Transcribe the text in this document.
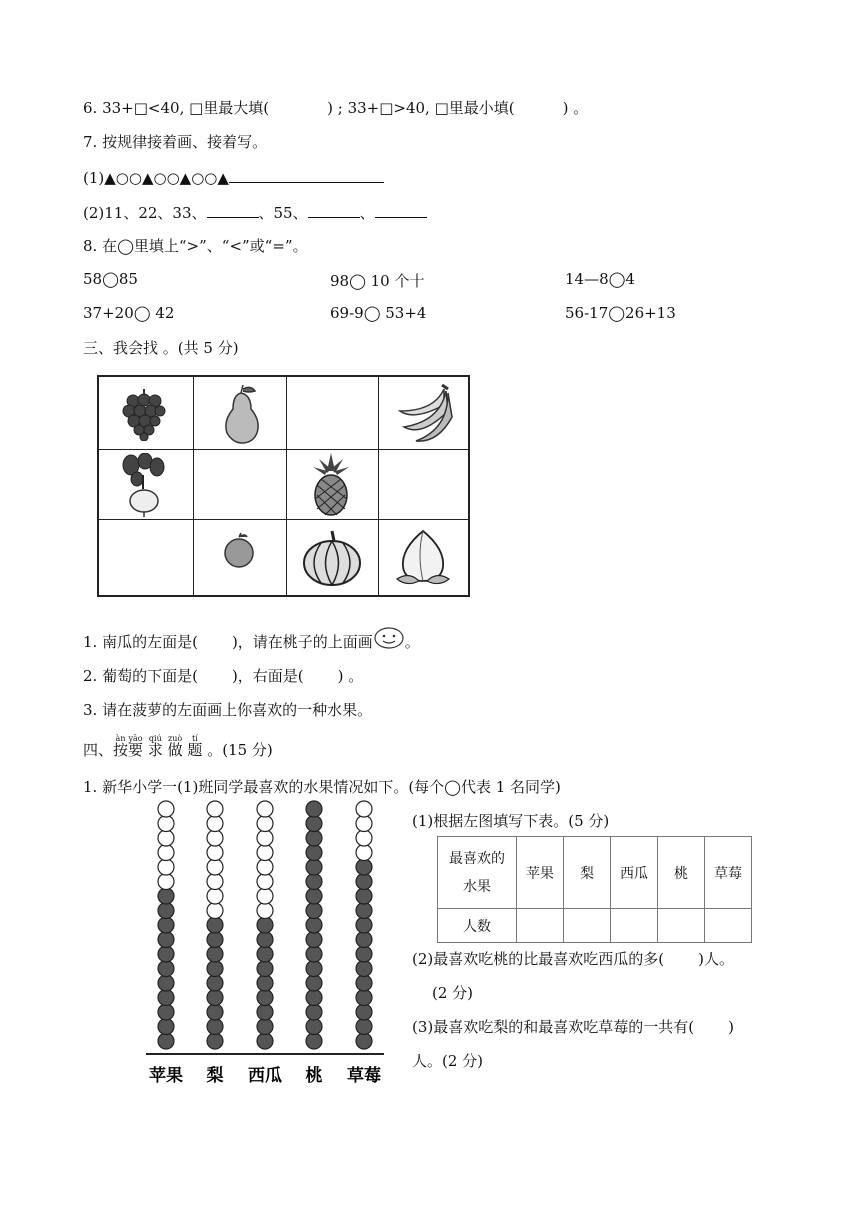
6. 33+□<40, □里最大填(	) ; 33+□>40, □里最小填(	) 。
7. 按规律接着画、接着写。
(1)▲○○▲○○▲○○▲
(2)11、22、33、	、55、	、
8. 在◯里填上“>”、“<”或“=”。
58◯85	98◯ 10 个十	14—8◯4
37+20◯ 42	69-9◯ 53+4	56-17◯26+13
三、我会找 。(共 5 分)
1. 南瓜的左面是( )，请在桃子的上面画 。
2. 葡萄的下面是( )，右面是( ) 。
3. 请在菠萝的左面画上你喜欢的一种水果。
四、
àn
按
yāo
要
qiú
求
zuò
做
tí
题 。(15 分)
1. 新华小学一(1)班同学最喜欢的水果情况如下。(每个◯代表 1 名同学)
苹果 梨 西瓜 桃 草莓
(1)根据左图填写下表。(5 分)
最喜欢的
水果	苹果	梨	西瓜	桃	草莓
人数					
(2)最喜欢吃桃的比最喜欢吃西瓜的多( )人。
(2 分)
(3)最喜欢吃梨的和最喜欢吃草莓的一共有( )
人。(2 分)
